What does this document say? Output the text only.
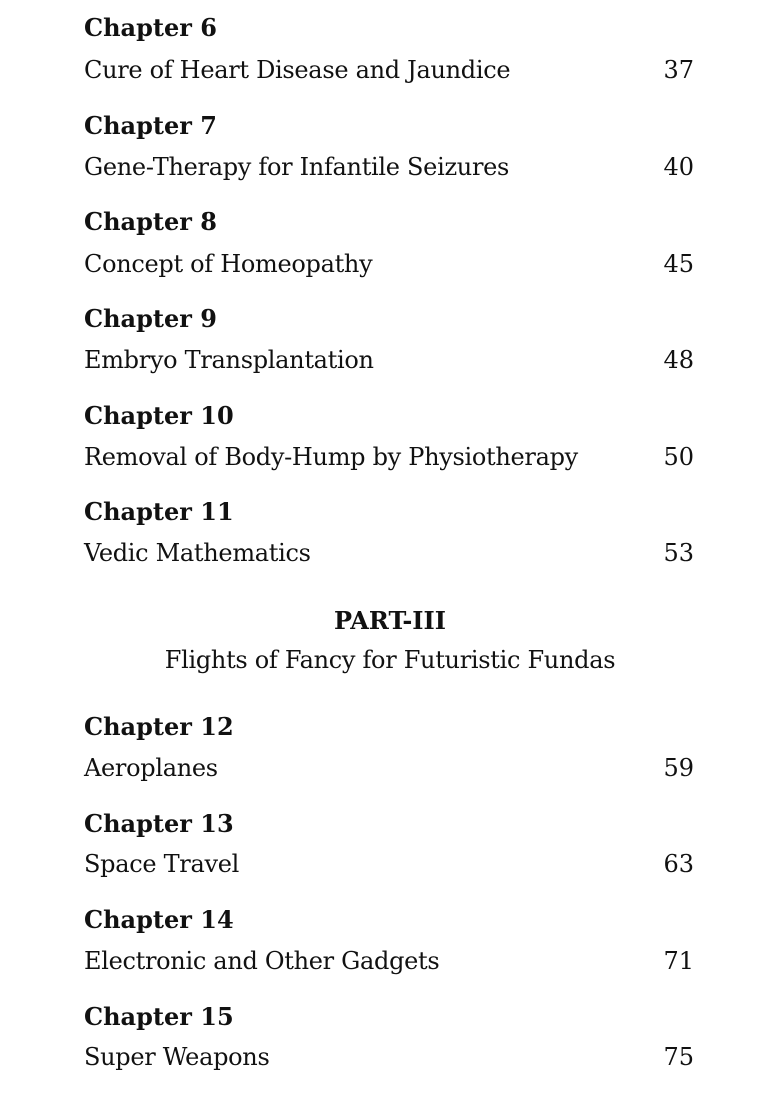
Chapter 6
Cure of Heart Disease and Jaundice	37
Chapter 7
Gene-Therapy for Infantile Seizures	40
Chapter 8
Concept of Homeopathy	45
Chapter 9
Embryo Transplantation	48
Chapter 10
Removal of Body-Hump by Physiotherapy	50
Chapter 11
Vedic Mathematics	53
PART-III
Flights of Fancy for Futuristic Fundas
Chapter 12
Aeroplanes	59
Chapter 13
Space Travel	63
Chapter 14
Electronic and Other Gadgets	71
Chapter 15
Super Weapons	75
